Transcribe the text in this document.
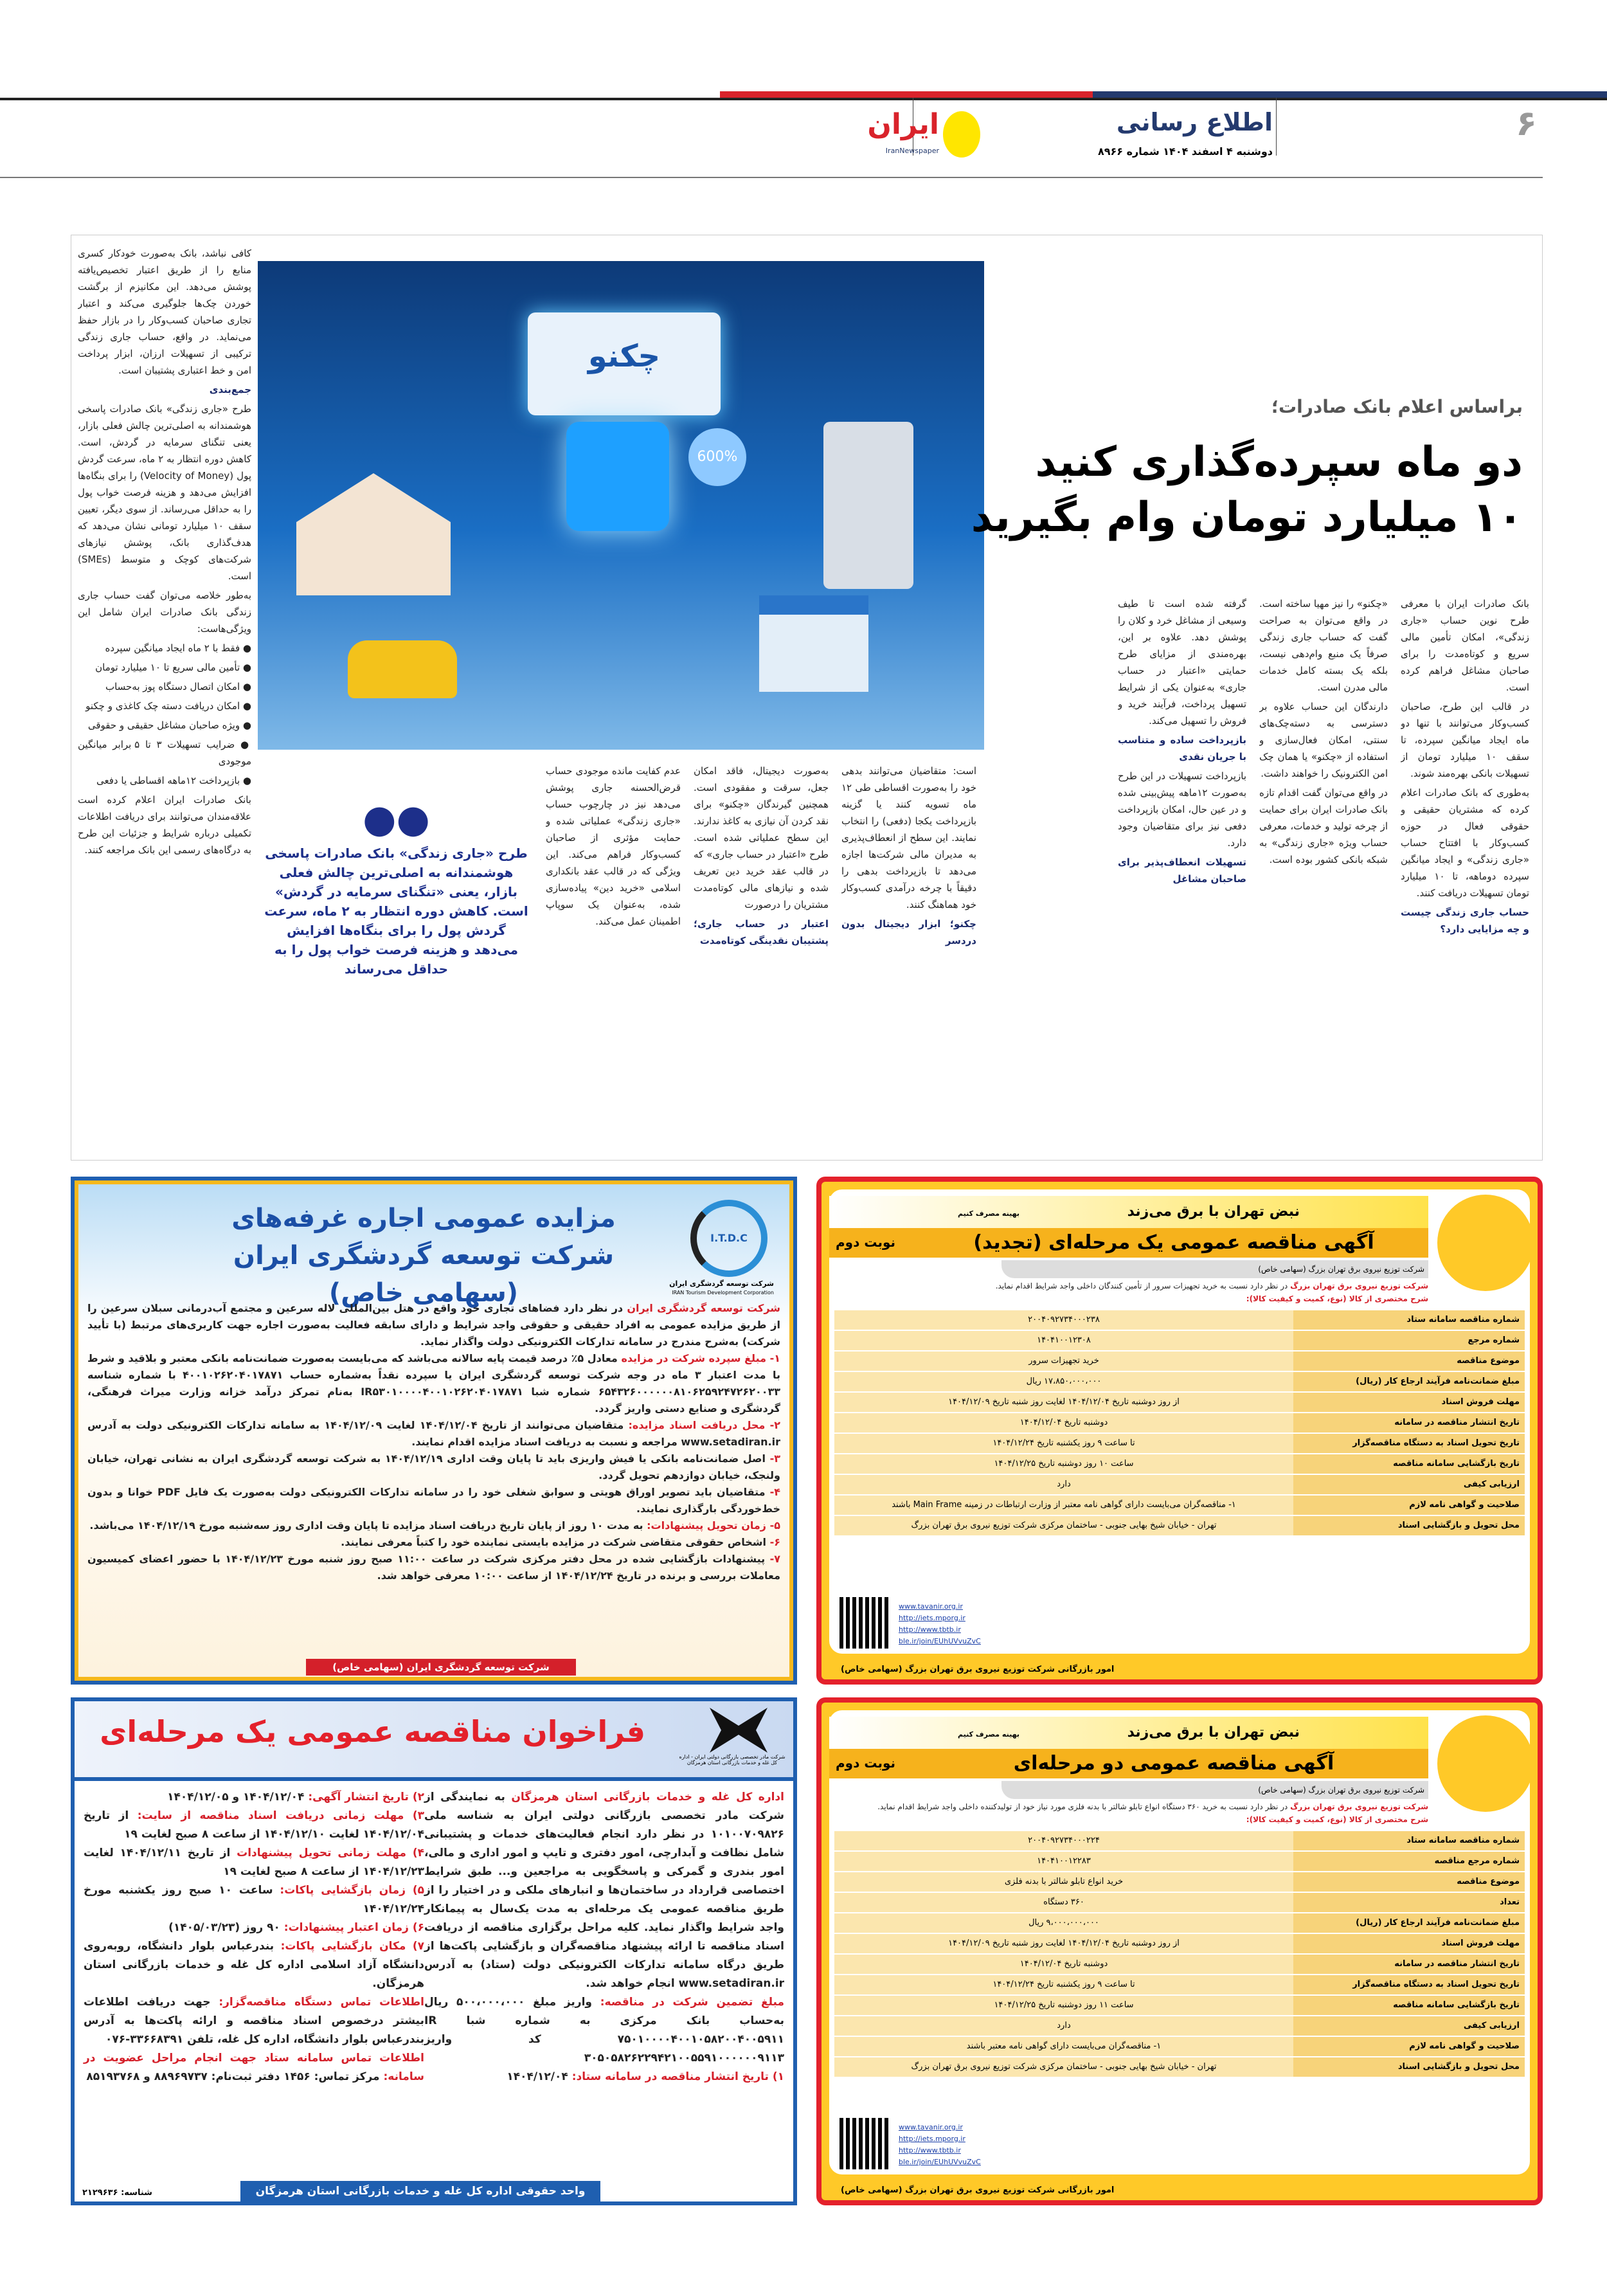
۶
اطلاع رسانی
دوشنبه ۴ اسفند ۱۴۰۴ شماره ۸۹۶۶
ایران
IranNewspaper
چکنو
600%
براساس اعلام بانک صادرات؛
دو ماه سپرده‌گذاری کنید
۱۰ میلیارد تومان وام بگیرید

بانک صادرات ایران با معرفی طرح نوین حساب «جاری زندگی»، امکان تأمین مالی سریع و کوتاه‌مدت را برای صاحبان مشاغل فراهم کرده است.

در قالب این طرح، صاحبان کسب‌وکار می‌توانند با تنها دو ماه ایجاد میانگین سپرده، تا سقف ۱۰ میلیارد تومان از تسهیلات بانکی بهره‌مند شوند.

به‌طوری که بانک صادرات اعلام کرده که مشتریان حقیقی و حقوقی فعال در حوزه کسب‌وکار با افتتاح حساب «جاری زندگی» و ایجاد میانگین سپرده دوماهه، تا ۱۰ میلیارد تومان تسهیلات دریافت کنند.

حساب جاری زندگی چیست و چه مزایایی دارد؟

«چکنو» را نیز مهیا ساخته است. در واقع می‌توان به صراحت گفت که حساب جاری زندگی صرفاً یک منبع وام‌دهی نیست، بلکه یک بسته کامل خدمات مالی مدرن است.

دارندگان این حساب علاوه بر دسترسی به دسته‌چک‌های سنتی، امکان فعال‌سازی و استفاده از «چکنو» یا همان چک امن الکترونیک را خواهند داشت.

در واقع می‌توان گفت اقدام تازه بانک صادرات ایران برای حمایت از چرخه تولید و خدمات، معرفی حساب ویژه «جاری زندگی» به شبکه بانکی کشور بوده است.

گرفته شده است تا طیف وسیعی از مشاغل خرد و کلان را پوشش دهد. علاوه بر این، بهره‌مندی از مزایای طرح حمایتی «اعتبار در حساب جاری» به‌عنوان یکی از شرایط تسهیل پرداخت، فرآیند خرید و فروش را تسهیل می‌کند.

بازپرداخت ساده و متناسب با جریان نقدی

بازپرداخت تسهیلات در این طرح به‌صورت ۱۲ماهه پیش‌بینی شده و در عین حال، امکان بازپرداخت دفعی نیز برای متقاضیان وجود دارد.

تسهیلات انعطاف‌پذیر برای صاحبان مشاغل

است: متقاضیان می‌توانند بدهی خود را به‌صورت اقساطی طی ۱۲ ماه تسویه کنند یا گزینه بازپرداخت یکجا (دفعی) را انتخاب نمایند. این سطح از انعطاف‌پذیری به مدیران مالی شرکت‌ها اجازه می‌دهد تا بازپرداخت بدهی را دقیقاً با چرخه درآمدی کسب‌وکار خود هماهنگ کنند.

چکنو؛ ابزار دیجیتال بدون دردسر

به‌صورت دیجیتال، فاقد امکان جعل، سرقت و مفقودی است. همچنین گیرندگان «چکنو» برای نقد کردن آن نیازی به کاغذ ندارند. این سطح عملیاتی شده است. طرح «اعتبار در حساب جاری» که در قالب عقد خرید دین تعریف شده و نیازهای مالی کوتاه‌مدت مشتریان را درصورت

اعتبار در حساب جاری؛ پشتیبان نقدینگی کوتاه‌مدت

عدم کفایت مانده موجودی حساب قرض‌الحسنه جاری پوشش می‌دهد نیز در چارچوب حساب «جاری زندگی» عملیاتی شده و حمایت مؤثری از صاحبان کسب‌وکار فراهم می‌کند. این ویژگی که در قالب عقد بانکداری اسلامی «خرید دین» پیاده‌سازی شده، به‌عنوان یک سوپاپ اطمینان عمل می‌کند.

●●
طرح «جاری زندگی» بانک صادرات پاسخی هوشمندانه به اصلی‌ترین چالش فعلی بازار، یعنی «تنگنای سرمایه در گردش» است. کاهش دوره انتظار به ۲ ماه، سرعت گردش پول را برای بنگاه‌ها افزایش می‌دهد و هزینه فرصت خواب پول را به حداقل می‌رساند

کافی نباشد، بانک به‌صورت خودکار کسری منابع را از طریق اعتبار تخصیص‌یافته پوشش می‌دهد. این مکانیزم از برگشت خوردن چک‌ها جلوگیری می‌کند و اعتبار تجاری صاحبان کسب‌وکار را در بازار حفظ می‌نماید. در واقع، حساب جاری زندگی ترکیبی از تسهیلات ارزان، ابزار پرداخت امن و خط اعتباری پشتیبان است.

جمع‌بندی

طرح «جاری زندگی» بانک صادرات پاسخی هوشمندانه به اصلی‌ترین چالش فعلی بازار، یعنی تنگنای سرمایه در گردش، است. کاهش دوره انتظار به ۲ ماه، سرعت گردش پول (Velocity of Money) را برای بنگاه‌ها افزایش می‌دهد و هزینه فرصت خواب پول را به حداقل می‌رساند. از سوی دیگر، تعیین سقف ۱۰ میلیارد تومانی نشان می‌دهد که هدف‌گذاری بانک، پوشش نیازهای شرکت‌های کوچک و متوسط (SMEs) است.

به‌طور خلاصه می‌توان گفت حساب جاری زندگی بانک صادرات ایران شامل این ویژگی‌هاست:

● فقط با ۲ ماه ایجاد میانگین سپرده

● تأمین مالی سریع تا ۱۰ میلیارد تومان

● امکان اتصال دستگاه پوز به‌حساب

● امکان دریافت دسته چک کاغذی و چکنو

● ویژه صاحبان مشاغل حقیقی و حقوقی

● ضرایب تسهیلات ۳ تا ۵ برابر میانگین موجودی

● بازپرداخت ۱۲ماهه اقساطی یا دفعی

بانک صادرات ایران اعلام کرده است علاقه‌مندان می‌توانند برای دریافت اطلاعات تکمیلی درباره شرایط و جزئیات این طرح به درگاه‌های رسمی این بانک مراجعه کنند.

I.T.D.C
شرکت توسعه گردشگری ایران
IRAN Tourism Development Corporation
مزایده عمومی اجاره غرفه‌های
شرکت توسعه گردشگری ایران (سهامی خاص)
شرکت توسعه گردشگری ایران در نظر دارد فضاهای تجاری خود واقع در هتل بین‌المللی لاله سرعین و مجتمع آب‌درمانی سبلان سرعین را از طریق مزایده عمومی به افراد حقیقی و حقوقی واجد شرایط و دارای سابقه فعالیت به‌صورت اجاره جهت کاربری‌های مرتبط (با تأیید شرکت) به‌شرح مندرج در سامانه تدارکات الکترونیکی دولت واگذار نماید.
۱- مبلغ سپرده شرکت در مزایده معادل ۵٪ درصد قیمت پایه سالانه می‌باشد که می‌بایست به‌صورت ضمانت‌نامه بانکی معتبر و بلاقید و شرط با مدت اعتبار ۳ ماه در وجه شرکت توسعه گردشگری ایران یا سپرده نقداً به‌شماره حساب ۴۰۰۱۰۲۶۲۰۴۰۱۷۸۷۱ با شماره شناسه ۶۵۴۳۲۶۰۰۰۰۰۰۸۱۰۶۲۵۹۲۴۷۲۶۲۰۰۳۳ شماره شبا IR۵۳۰۱۰۰۰۰۴۰۰۱۰۲۶۲۰۴۰۱۷۸۷۱ به‌نام تمرکز درآمد خزانه وزارت میراث فرهنگی، گردشگری و صنایع دستی واریز گردد.
۲- محل دریافت اسناد مزایده: متقاضیان می‌توانند از تاریخ ۱۴۰۴/۱۲/۰۴ لغایت ۱۴۰۴/۱۲/۰۹ به سامانه تدارکات الکترونیکی دولت به آدرس www.setadiran.ir مراجعه و نسبت به دریافت اسناد مزایده اقدام نمایند.
۳- اصل ضمانت‌نامه بانکی یا فیش واریزی باید تا پایان وقت اداری ۱۴۰۴/۱۲/۱۹ به شرکت توسعه گردشگری ایران به نشانی تهران، خیابان ولنجک، خیابان دوازدهم تحویل گردد.
۴- متقاضیان باید تصویر اوراق هویتی و سوابق شغلی خود را در سامانه تدارکات الکترونیکی دولت به‌صورت یک فایل PDF خوانا و بدون خط‌خوردگی بارگذاری نمایند.
۵- زمان تحویل پیشنهادات: به مدت ۱۰ روز از پایان تاریخ دریافت اسناد مزایده تا پایان وقت اداری روز سه‌شنبه مورخ ۱۴۰۴/۱۲/۱۹ می‌باشد.
۶- اشخاص حقوقی متقاضی شرکت در مزایده بایستی نماینده خود را کتباً معرفی نمایند.
۷- پیشنهادات بازگشایی شده در محل دفتر مرکزی شرکت در ساعت ۱۱:۰۰ صبح روز شنبه مورخ ۱۴۰۴/۱۲/۲۳ با حضور اعضای کمیسیون معاملات بررسی و برنده در تاریخ ۱۴۰۴/۱۲/۲۴ از ساعت ۱۰:۰۰ معرفی خواهد شد.
شرکت توسعه گردشگری ایران (سهامی خاص)
نبض تهران با برق می‌زند بهینه مصرف کنیم
آگهی مناقصه عمومی یک مرحله‌ای (تجدید)
نوبت دوم
شرکت توزیع نیروی برق تهران بزرگ (سهامی خاص)
شرکت توزیع نیروی برق تهران بزرگ در نظر دارد نسبت به خرید تجهیزات سرور از تأمین کنندگان داخلی واجد شرایط اقدام نماید.
شرح مختصری از کالا (نوع، کمیت و کیفیت کالا):
شماره مناقصه سامانه ستاد
۲۰۰۴۰۹۲۷۳۴۰۰۰۲۳۸
شماره مرجع
۱۴۰۴۱۰۰۱۲۳۰۸
موضوع مناقصه
خرید تجهیزات سرور
مبلغ ضمانت‌نامه فرآیند ارجاع کار (ریال)
۱۷،۸۵۰،۰۰۰،۰۰۰ ریال
مهلت فروش اسناد
از روز دوشنبه تاریخ ۱۴۰۴/۱۲/۰۴ لغایت روز شنبه تاریخ ۱۴۰۴/۱۲/۰۹
تاریخ انتشار مناقصه در سامانه
دوشنبه تاریخ ۱۴۰۴/۱۲/۰۴
تاریخ تحویل اسناد به دستگاه مناقصه‌گزار
تا ساعت ۹ روز یکشنبه تاریخ ۱۴۰۴/۱۲/۲۴
تاریخ بازگشایی سامانه مناقصه
ساعت ۱۰ روز دوشنبه تاریخ ۱۴۰۴/۱۲/۲۵
ارزیابی کیفی
دارد
صلاحیت و گواهی نامه لازم
۱- مناقصه‌گران می‌بایست دارای گواهی نامه معتبر از وزارت ارتباطات در زمینه Main Frame باشند
محل تحویل و بازگشایی اسناد
تهران - خیابان شیخ بهایی جنوبی - ساختمان مرکزی شرکت توزیع نیروی برق تهران بزرگ
www.tavanir.org.ir
http://iets.mporg.ir
http://www.tbtb.ir
ble.ir/join/EUhUVvuZvC
امور بازرگانی شرکت توزیع نیروی برق تهران بزرگ (سهامی خاص)
شرکت مادر تخصصی بازرگانی دولتی ایران - اداره کل غله و خدمات بازرگانی استان هرمزگان
فراخوان مناقصه عمومی یک مرحله‌ای
اداره کل غله و خدمات بازرگانی استان هرمزگان به نمایندگی از شرکت مادر تخصصی بازرگانی دولتی ایران به شناسه ملی ۱۰۱۰۰۷۰۹۸۲۶ در نظر دارد انجام فعالیت‌های خدمات و پشتیبانی شامل نظافت و آبدارچی، امور دفتری و تایپ و امور اداری و مالی، امور بندری و گمرکی و پاسخگویی به مراجعین و... طبق شرایط اختصاصی قرارداد در ساختمان‌ها و انبارهای ملکی و در اختیار را از طریق مناقصه عمومی یک مرحله‌ای به مدت یک‌سال به پیمانکار واجد شرایط واگذار نماید. کلیه مراحل برگزاری مناقصه از دریافت اسناد مناقصه تا ارائه پیشنهاد مناقصه‌گران و بازگشایی پاکت‌ها از طریق درگاه سامانه تدارکات الکترونیکی دولت (ستاد) به آدرس www.setadiran.ir انجام خواهد شد.
مبلغ تضمین شرکت در مناقصه: واریز مبلغ ۵۰۰،۰۰۰،۰۰۰ ریال به‌حساب بانک مرکزی به شماره شبا IR ۷۵۰۱۰۰۰۰۴۰۰۱۰۵۸۲۰۰۴۰۰۵۹۱۱ کد واریز ۳۰۵۰۵۸۲۶۲۲۹۴۲۱۰۰۵۵۹۱۰۰۰۰۰۰۹۱۱۳
۱) تاریخ انتشار مناقصه در سامانه ستاد: ۱۴۰۴/۱۲/۰۴
۲) تاریخ انتشار آگهی: ۱۴۰۴/۱۲/۰۴ و ۱۴۰۴/۱۲/۰۵
۳) مهلت زمانی دریافت اسناد مناقصه از سایت: از تاریخ ۱۴۰۴/۱۲/۰۴ لغایت ۱۴۰۴/۱۲/۱۰ از ساعت ۸ صبح لغایت ۱۹
۴) مهلت زمانی تحویل پیشنهادات از تاریخ ۱۴۰۴/۱۲/۱۱ لغایت ۱۴۰۴/۱۲/۲۳ از ساعت ۸ صبح لغایت ۱۹
۵) زمان بازگشایی پاکات: ساعت ۱۰ صبح روز یکشنبه مورخ ۱۴۰۴/۱۲/۲۴
۶) زمان اعتبار پیشنهادات: ۹۰ روز (۱۴۰۵/۰۳/۲۳)
۷) مکان بازگشایی پاکات: بندرعباس بلوار دانشگاه، روبه‌روی دانشگاه آزاد اسلامی اداره کل غله و خدمات بازرگانی استان هرمزگان.
اطلاعات تماس دستگاه مناقصه‌گزار: جهت دریافت اطلاعات بیشتر درخصوص اسناد مناقصه و ارائه پاکت‌ها به آدرس بندرعباس بلوار دانشگاه، اداره کل غله، تلفن ۳۳۶۶۸۳۹۱-۰۷۶
اطلاعات تماس سامانه ستاد جهت انجام مراحل عضویت در سامانه: مرکز تماس: ۱۴۵۶ دفتر ثبت‌نام: ۸۸۹۶۹۷۳۷ و ۸۵۱۹۳۷۶۸
واحد حقوقی اداره کل غله و خدمات بازرگانی استان هرمزگان
شناسه: ۲۱۲۹۶۳۶
نبض تهران با برق می‌زند بهینه مصرف کنیم
آگهی مناقصه عمومی دو مرحله‌ای
نوبت دوم
شرکت توزیع نیروی برق تهران بزرگ (سهامی خاص)
شرکت توزیع نیروی برق تهران بزرگ در نظر دارد نسبت به خرید ۳۶۰ دستگاه انواع تابلو شالتر با بدنه فلزی مورد نیاز خود از تولیدکننده داخلی واجد شرایط اقدام نماید.
شرح مختصری از کالا (نوع، کمیت و کیفیت کالا):
شماره مناقصه سامانه ستاد
۲۰۰۴۰۹۲۷۳۴۰۰۰۲۲۴
شماره مرجع مناقصه
۱۴۰۴۱۰۰۱۲۲۸۳
موضوع مناقصه
خرید انواع تابلو شالتر با بدنه فلزی
تعداد
۳۶۰ دستگاه
مبلغ ضمانت‌نامه فرآیند ارجاع کار (ریال)
۹،۰۰۰،۰۰۰،۰۰۰ ریال
مهلت فروش اسناد
از روز دوشنبه تاریخ ۱۴۰۴/۱۲/۰۴ لغایت روز شنبه تاریخ ۱۴۰۴/۱۲/۰۹
تاریخ انتشار مناقصه در سامانه
دوشنبه تاریخ ۱۴۰۴/۱۲/۰۴
تاریخ تحویل اسناد به دستگاه مناقصه‌گزار
تا ساعت ۹ روز یکشنبه تاریخ ۱۴۰۴/۱۲/۲۴
تاریخ بازگشایی سامانه مناقصه
ساعت ۱۱ روز دوشنبه تاریخ ۱۴۰۴/۱۲/۲۵
ارزیابی کیفی
دارد
صلاحیت و گواهی نامه لازم
۱- مناقصه‌گران می‌بایست دارای گواهی نامه معتبر باشند
محل تحویل و بازگشایی اسناد
تهران - خیابان شیخ بهایی جنوبی - ساختمان مرکزی شرکت توزیع نیروی برق تهران بزرگ
www.tavanir.org.ir
http://iets.mporg.ir
http://www.tbtb.ir
ble.ir/join/EUhUVvuZvC
امور بازرگانی شرکت توزیع نیروی برق تهران بزرگ (سهامی خاص)
